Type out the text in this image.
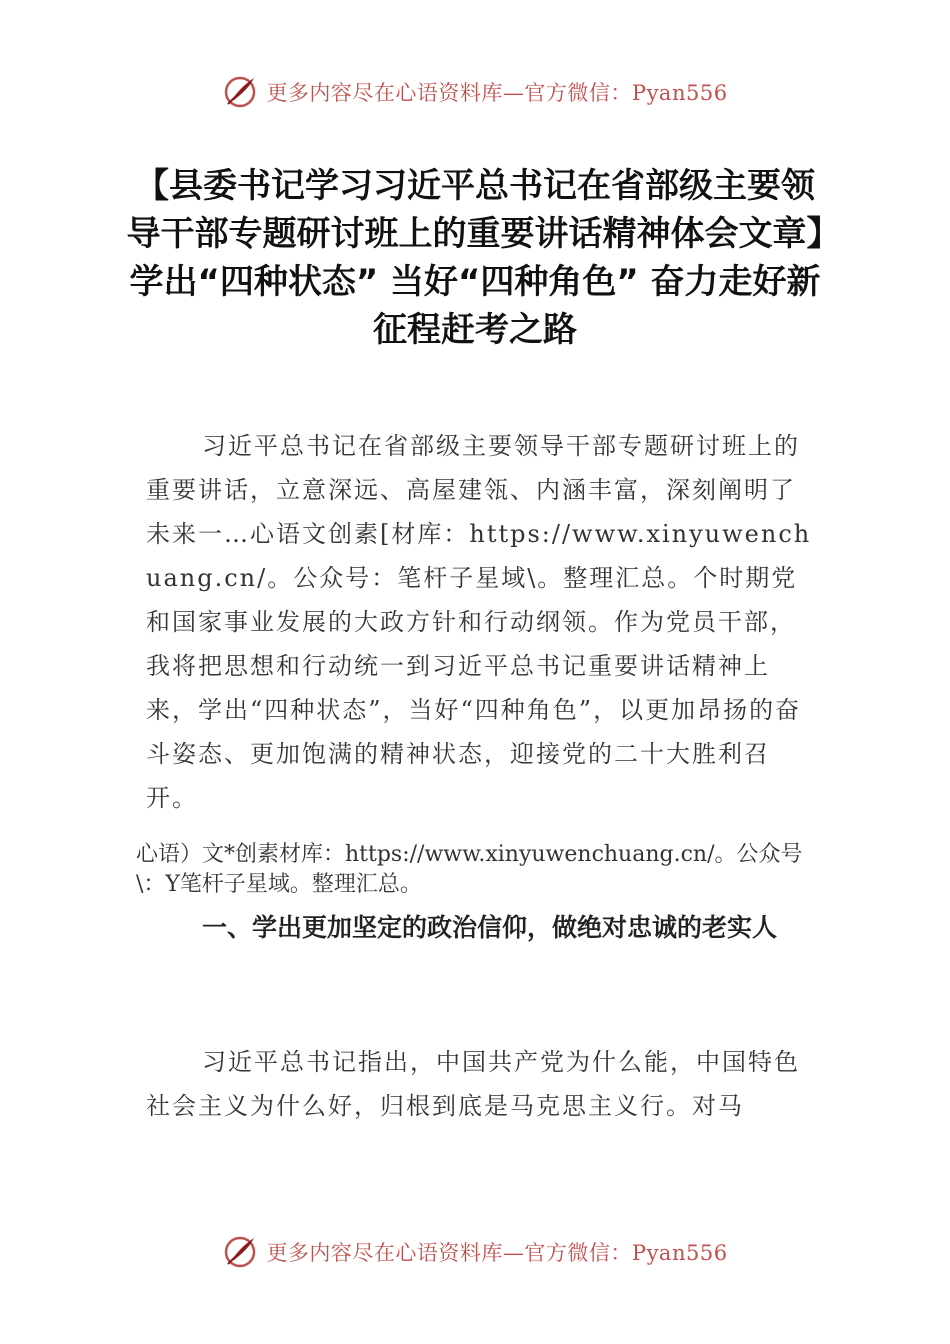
更多内容尽在心语资料库—官方微信：Pyan556
【县委书记学习习近平总书记在省部级主要领导干部专题研讨班上的重要讲话精神体会文章】学出“四种状态” 当好“四种角色” 奋力走好新征程赶考之路

习近平总书记在省部级主要领导干部专题研讨班上的重要讲话，立意深远、高屋建瓴、内涵丰富，深刻阐明了未来一…心语文创素[材库：https://www.xinyuwenchuang.cn/。公众号：笔杆子星域\。整理汇总。个时期党和国家事业发展的大政方针和行动纲领。作为党员干部，我将把思想和行动统一到习近平总书记重要讲话精神上来，学出“四种状态”，当好“四种角色”，以更加昂扬的奋斗姿态、更加饱满的精神状态，迎接党的二十大胜利召开。

心语）文*创素材库：https://www.xinyuwenchuang.cn/。公众号\：Y笔杆子星域。整理汇总。

一、学出更加坚定的政治信仰，做绝对忠诚的老实人

习近平总书记指出，中国共产党为什么能，中国特色社会主义为什么好，归根到底是马克思主义行。对马

更多内容尽在心语资料库—官方微信：Pyan556
